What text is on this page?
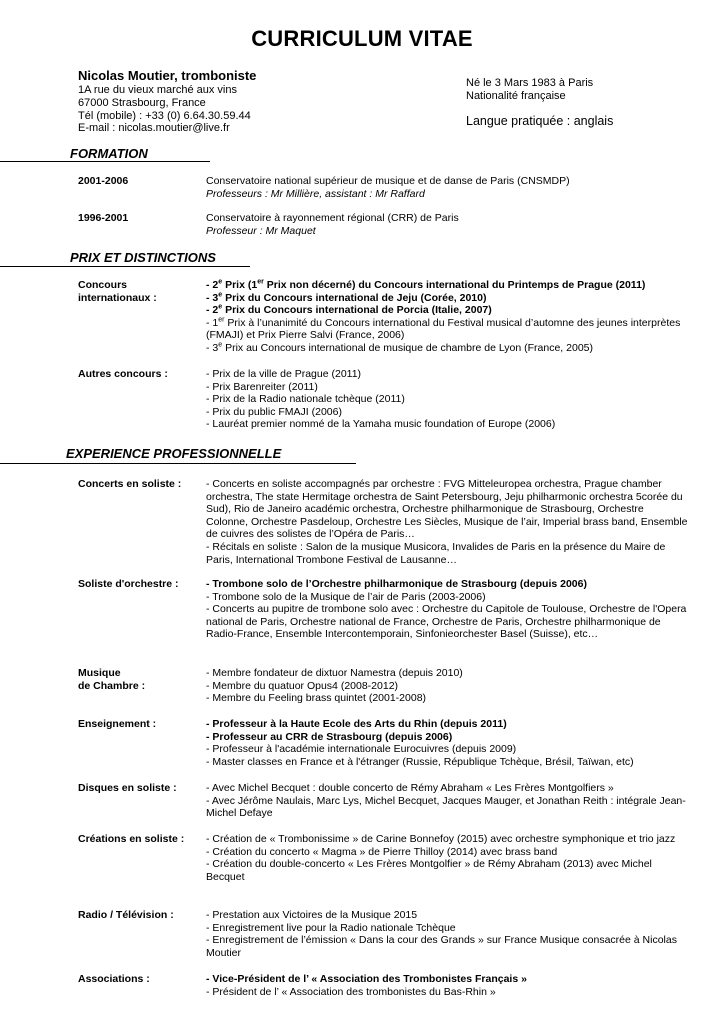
CURRICULUM VITAE
Nicolas Moutier, tromboniste
1A rue du vieux marché aux vins
67000 Strasbourg, France
Tél (mobile) : +33 (0) 6.64.30.59.44
E-mail : nicolas.moutier@live.fr
Né le 3 Mars 1983 à Paris
Nationalité française
Langue pratiquée : anglais
FORMATION
2001-2006	Conservatoire national supérieur de musique et de danse de Paris (CNSMDP)
Professeurs : Mr Millière, assistant : Mr Raffard
1996-2001	Conservatoire à rayonnement régional (CRR) de Paris
Professeur : Mr Maquet
PRIX ET DISTINCTIONS
Concours
internationaux :
- 2e Prix (1er Prix non décerné) du Concours international du Printemps de Prague (2011)
- 3e Prix du Concours international de Jeju (Corée, 2010)
- 2e Prix du Concours international de Porcia (Italie, 2007)
- 1er Prix à l’unanimité du Concours international du Festival musical d’automne des jeunes interprètes (FMAJI) et Prix Pierre Salvi (France, 2006)
- 3e Prix au Concours international de musique de chambre de Lyon (France, 2005)
Autres concours :	- Prix de la ville de Prague (2011)
- Prix Barenreiter (2011)
- Prix de la Radio nationale tchèque (2011)
- Prix du public FMAJI (2006)
- Lauréat premier nommé de la Yamaha music foundation of Europe (2006)
EXPERIENCE PROFESSIONNELLE
Concerts en soliste :	- Concerts en soliste accompagnés par orchestre : FVG Mitteleuropea orchestra, Prague chamber orchestra, The state Hermitage orchestra de Saint Petersbourg, Jeju philharmonic orchestra 5corée du Sud), Rio de Janeiro académic orchestra, Orchestre philharmonique de Strasbourg, Orchestre Colonne, Orchestre Pasdeloup, Orchestre Les Siècles, Musique de l’air, Imperial brass band, Ensemble de cuivres des solistes de l’Opéra de Paris…
- Récitals en soliste : Salon de la musique Musicora, Invalides de Paris en la présence du Maire de Paris, International Trombone Festival de Lausanne…
Soliste d'orchestre :	- Trombone solo de l’Orchestre philharmonique de Strasbourg (depuis 2006)
- Trombone solo de la Musique de l’air de Paris (2003-2006)
- Concerts au pupitre de trombone solo avec : Orchestre du Capitole de Toulouse, Orchestre de l'Opera national de Paris, Orchestre national de France, Orchestre de Paris, Orchestre philharmonique de Radio-France, Ensemble Intercontemporain, Sinfonieorchester Basel (Suisse), etc…
Musique
de Chambre :
- Membre fondateur de dixtuor Namestra (depuis 2010)
- Membre du quatuor Opus4 (2008-2012)
- Membre du Feeling brass quintet (2001-2008)
Enseignement :	- Professeur à la Haute Ecole des Arts du Rhin (depuis 2011)
- Professeur au CRR de Strasbourg (depuis 2006)
- Professeur à l'académie internationale Eurocuivres (depuis 2009)
- Master classes en France et à l'étranger (Russie, République Tchèque, Brésil, Taïwan, etc)
Disques en soliste :	- Avec Michel Becquet : double concerto de Rémy Abraham « Les Frères Montgolfiers »
- Avec Jérôme Naulais, Marc Lys, Michel Becquet, Jacques Mauger, et Jonathan Reith : intégrale Jean-Michel Defaye
Créations en soliste :	- Création de « Trombonissime » de Carine Bonnefoy (2015) avec orchestre symphonique et trio jazz
- Création du concerto « Magma » de Pierre Thilloy (2014) avec brass band
- Création du double-concerto « Les Frères Montgolfier » de Rémy Abraham (2013) avec Michel Becquet
Radio / Télévision :	- Prestation aux Victoires de la Musique 2015
- Enregistrement live pour la Radio nationale Tchèque
- Enregistrement de l’émission « Dans la cour des Grands » sur France Musique consacrée à Nicolas Moutier
Associations :	- Vice-Président de l’ « Association des Trombonistes Français »
- Président de l’ « Association des trombonistes du Bas-Rhin »
